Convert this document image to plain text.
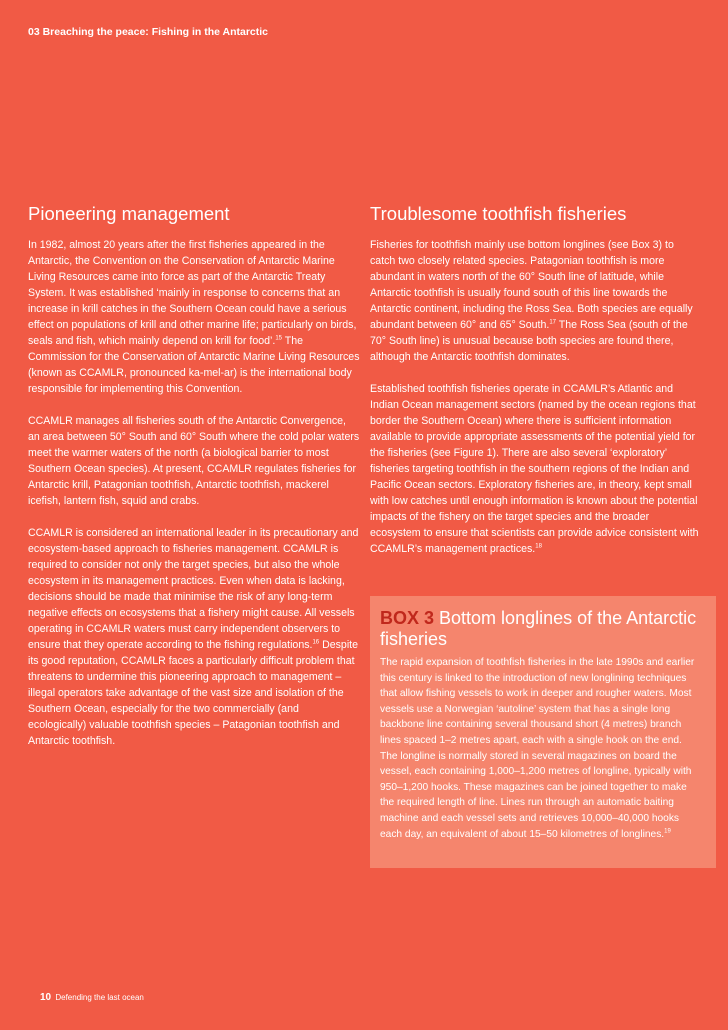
03 Breaching the peace: Fishing in the Antarctic
Pioneering management

In 1982, almost 20 years after the first fisheries appeared in the Antarctic, the Convention on the Conservation of Antarctic Marine Living Resources came into force as part of the Antarctic Treaty System. It was established ‘mainly in response to concerns that an increase in krill catches in the Southern Ocean could have a serious effect on populations of krill and other marine life; particularly on birds, seals and fish, which mainly depend on krill for food’.$^{15}$ The Commission for the Conservation of Antarctic Marine Living Resources (known as CCAMLR, pronounced ka-mel-ar) is the international body responsible for implementing this Convention.

CCAMLR manages all fisheries south of the Antarctic Convergence, an area between 50° South and 60° South where the cold polar waters meet the warmer waters of the north (a biological barrier to most Southern Ocean species). At present, CCAMLR regulates fisheries for Antarctic krill, Patagonian toothfish, Antarctic toothfish, mackerel icefish, lantern fish, squid and crabs.

CCAMLR is considered an international leader in its precautionary and ecosystem-based approach to fisheries management. CCAMLR is required to consider not only the target species, but also the whole ecosystem in its management practices. Even when data is lacking, decisions should be made that minimise the risk of any long-term negative effects on ecosystems that a fishery might cause. All vessels operating in CCAMLR waters must carry independent observers to ensure that they operate according to the fishing regulations.$^{16}$ Despite its good reputation, CCAMLR faces a particularly difficult problem that threatens to undermine this pioneering approach to management – illegal operators take advantage of the vast size and isolation of the Southern Ocean, especially for the two commercially (and ecologically) valuable toothfish species – Patagonian toothfish and Antarctic toothfish.

Troublesome toothfish fisheries

Fisheries for toothfish mainly use bottom longlines (see Box 3) to catch two closely related species. Patagonian toothfish is more abundant in waters north of the 60° South line of latitude, while Antarctic toothfish is usually found south of this line towards the Antarctic continent, including the Ross Sea. Both species are equally abundant between 60° and 65° South.$^{17}$ The Ross Sea (south of the 70° South line) is unusual because both species are found there, although the Antarctic toothfish dominates.

Established toothfish fisheries operate in CCAMLR’s Atlantic and Indian Ocean management sectors (named by the ocean regions that border the Southern Ocean) where there is sufficient information available to provide appropriate assessments of the potential yield for the fisheries (see Figure 1). There are also several ‘exploratory’ fisheries targeting toothfish in the southern regions of the Indian and Pacific Ocean sectors. Exploratory fisheries are, in theory, kept small with low catches until enough information is known about the potential impacts of the fishery on the target species and the broader ecosystem to ensure that scientists can provide advice consistent with CCAMLR’s management practices.$^{18}$

BOX 3 Bottom longlines of the Antarctic fisheries

The rapid expansion of toothfish fisheries in the late 1990s and earlier this century is linked to the introduction of new longlining techniques that allow fishing vessels to work in deeper and rougher waters. Most vessels use a Norwegian ‘autoline’ system that has a single long backbone line containing several thousand short (4 metres) branch lines spaced 1–2 metres apart, each with a single hook on the end. The longline is normally stored in several magazines on board the vessel, each containing 1,000–1,200 metres of longline, typically with 950–1,200 hooks. These magazines can be joined together to make the required length of line. Lines run through an automatic baiting machine and each vessel sets and retrieves 10,000–40,000 hooks each day, an equivalent of about 15–50 kilometres of longlines.$^{19}$

10 Defending the last ocean
